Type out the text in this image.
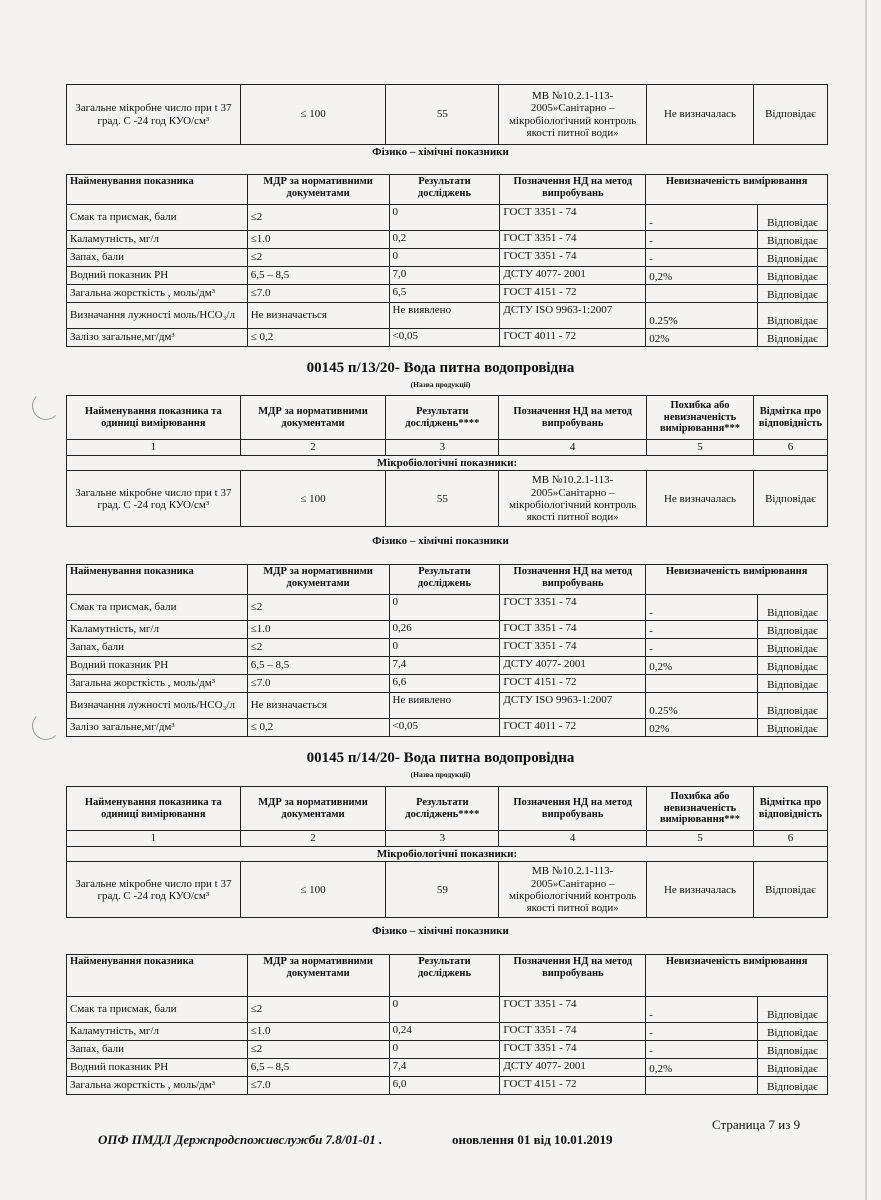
Загальне мікробне число при t 37 град. С -24 год КУО/см³	≤ 100	55	МВ №10.2.1-113-2005»Санітарно – мікробіологічний контроль якості питної води»	Не визначалась	Відповідає
Фізико – хімічні показники
Найменування показника	МДР за нормативними документами	Результати досліджень	Позначення НД на метод випробувань	Невизначеність вимірювання	
Смак та присмак, бали	≤2	0	ГОСТ 3351 - 74	-	Відповідає
Каламутність, мг/л	≤1.0	0,2	ГОСТ 3351 - 74	-	Відповідає
Запах, бали	≤2	0	ГОСТ 3351 - 74	-	Відповідає
Водний показник РН	6,5 – 8,5	7,0	ДСТУ 4077- 2001	0,2%	Відповідає
Загальна жорсткість , моль/дм³	≤7.0	6,5	ГОСТ 4151 - 72		Відповідає
Визначання лужності моль/НСО₃/л	Не визначається	Не виявлено	ДСТУ ISO 9963-1:2007	0.25%	Відповідає
Залізо загальне,мг/дм³	≤ 0,2	<0,05	ГОСТ 4011 - 72	02%	Відповідає
00145 п/13/20- Вода питна водопровідна
(Назва продукції)
Найменування показника та одиниці вимірювання	МДР за нормативними документами	Результати досліджень****	Позначення НД на метод випробувань	Похибка або невизначеність вимірювання***	Відмітка про відповідність
1	2	3	4	5	6
Мікробіологічні показники:					
Загальне мікробне число при t 37 град. С -24 год КУО/см³	≤ 100	55	МВ №10.2.1-113-2005»Санітарно – мікробіологічний контроль якості питної води»	Не визначалась	Відповідає
Фізико – хімічні показники
Найменування показника	МДР за нормативними документами	Результати досліджень	Позначення НД на метод випробувань	Невизначеність вимірювання	
Смак та присмак, бали	≤2	0	ГОСТ 3351 - 74	-	Відповідає
Каламутність, мг/л	≤1.0	0,26	ГОСТ 3351 - 74	-	Відповідає
Запах, бали	≤2	0	ГОСТ 3351 - 74	-	Відповідає
Водний показник РН	6,5 – 8,5	7,4	ДСТУ 4077- 2001	0,2%	Відповідає
Загальна жорсткість , моль/дм³	≤7.0	6,6	ГОСТ 4151 - 72		Відповідає
Визначання лужності моль/НСО₃/л	Не визначається	Не виявлено	ДСТУ ISO 9963-1:2007	0.25%	Відповідає
Залізо загальне,мг/дм³	≤ 0,2	<0,05	ГОСТ 4011 - 72	02%	Відповідає
00145 п/14/20- Вода питна водопровідна
(Назва продукції)
Найменування показника та одиниці вимірювання	МДР за нормативними документами	Результати досліджень****	Позначення НД на метод випробувань	Похибка або невизначеність вимірювання***	Відмітка про відповідність
1	2	3	4	5	6
Мікробіологічні показники:					
Загальне мікробне число при t 37 град. С -24 год КУО/см³	≤ 100	59	МВ №10.2.1-113-2005»Санітарно – мікробіологічний контроль якості питної води»	Не визначалась	Відповідає
Фізико – хімічні показники
Найменування показника	МДР за нормативними документами	Результати досліджень	Позначення НД на метод випробувань	Невизначеність вимірювання	
Смак та присмак, бали	≤2	0	ГОСТ 3351 - 74	-	Відповідає
Каламутність, мг/л	≤1.0	0,24	ГОСТ 3351 - 74	-	Відповідає
Запах, бали	≤2	0	ГОСТ 3351 - 74	-	Відповідає
Водний показник РН	6,5 – 8,5	7,4	ДСТУ 4077- 2001	0,2%	Відповідає
Загальна жорсткість , моль/дм³	≤7.0	6,0	ГОСТ 4151 - 72		Відповідає
Страница 7 из 9
ОПФ ПМДЛ Держпродспоживслужби 7.8/01-01 .	оновлення 01 від 10.01.2019
